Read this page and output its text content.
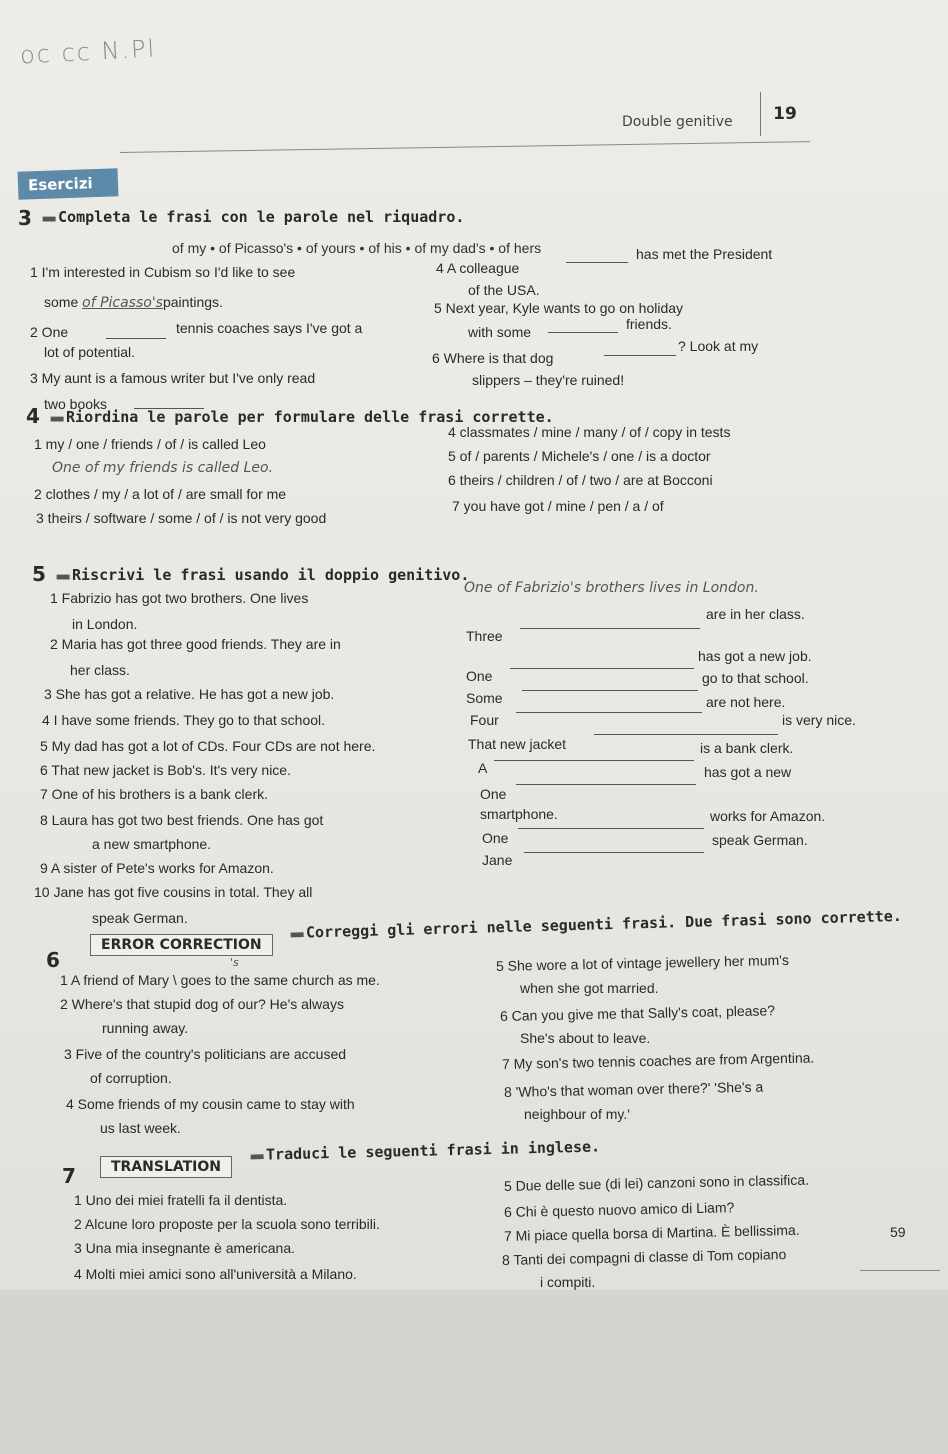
oc cc N.Pl
Double genitive	19
Esercizi
3 ■■■ Completa le frasi con le parole nel riquadro.
of my • of Picasso's • of yours • of his • of my dad's • of hers
1 I'm interested in Cubism so I'd like to see
some of Picasso'spaintings.
2 One	tennis coaches says I've got a
lot of potential.
3 My aunt is a famous writer but I've only read
two books
4 A colleague
has met the President
of the USA.
5 Next year, Kyle wants to go on holiday
with some	friends.
6 Where is that dog
? Look at my
slippers – they're ruined!
4 ■■■ Riordina le parole per formulare delle frasi corrette.
1 my / one / friends / of / is called Leo
One of my friends is called Leo.
2 clothes / my / a lot of / are small for me
3 theirs / software / some / of / is not very good
4 classmates / mine / many / of / copy in tests
5 of / parents / Michele's / one / is a doctor
6 theirs / children / of / two / are at Bocconi
7 you have got / mine / pen / a / of
5 ■■■ Riscrivi le frasi usando il doppio genitivo.
1 Fabrizio has got two brothers. One lives
in London.
One of Fabrizio's brothers lives in London.
2 Maria has got three good friends. They are in
her class.
Three
are in her class.
3 She has got a relative. He has got a new job.
One
has got a new job.
4 I have some friends. They go to that school.
Some
go to that school.
5 My dad has got a lot of CDs. Four CDs are not here.
Four
are not here.
6 That new jacket is Bob's. It's very nice.
That new jacket
is very nice.
7 One of his brothers is a bank clerk.
A
is a bank clerk.
8 Laura has got two best friends. One has got
a new smartphone.
One
has got a new
smartphone.
9 A sister of Pete's works for Amazon.
One
works for Amazon.
10 Jane has got five cousins in total. They all
speak German.
Jane
speak German.
6
ERROR CORRECTION
■■■ Correggi gli errori nelle seguenti frasi. Due frasi sono corrette.
1 A friend of Mary \ goes to the same church as me.
's
2 Where's that stupid dog of our? He's always
running away.
3 Five of the country's politicians are accused
of corruption.
4 Some friends of my cousin came to stay with
us last week.
5 She wore a lot of vintage jewellery her mum's
when she got married.
6 Can you give me that Sally's coat, please?
She's about to leave.
7 My son's two tennis coaches are from Argentina.
8 'Who's that woman over there?' 'She's a
neighbour of my.'
7	TRANSLATION
■■■ Traduci le seguenti frasi in inglese.
1 Uno dei miei fratelli fa il dentista.
2 Alcune loro proposte per la scuola sono terribili.
3 Una mia insegnante è americana.
4 Molti miei amici sono all'università a Milano.
5 Due delle sue (di lei) canzoni sono in classifica.
6 Chi è questo nuovo amico di Liam?
7 Mi piace quella borsa di Martina. È bellissima.
8 Tanti dei compagni di classe di Tom copiano
i compiti.
59
